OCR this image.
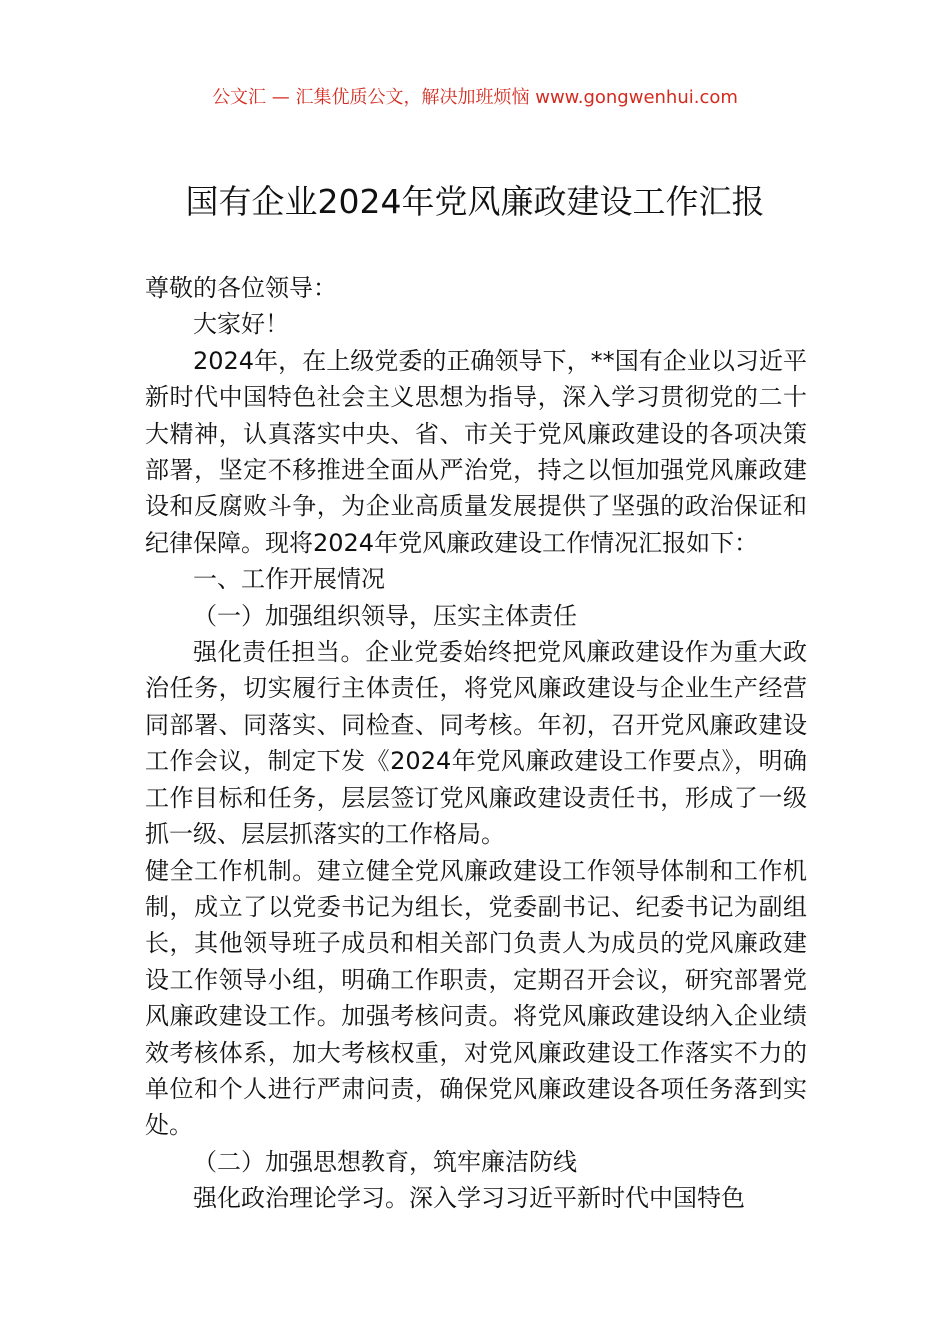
公文汇 — 汇集优质公文，解决加班烦恼 www.gongwenhui.com
国有企业2024年党风廉政建设工作汇报

尊敬的各位领导：

大家好！

2024年，在上级党委的正确领导下，**国有企业以习近平新时代中国特色社会主义思想为指导，深入学习贯彻党的二十大精神，认真落实中央、省、市关于党风廉政建设的各项决策部署，坚定不移推进全面从严治党，持之以恒加强党风廉政建设和反腐败斗争，为企业高质量发展提供了坚强的政治保证和纪律保障。现将2024年党风廉政建设工作情况汇报如下：

一、工作开展情况

（一）加强组织领导，压实主体责任

强化责任担当。企业党委始终把党风廉政建设作为重大政治任务，切实履行主体责任，将党风廉政建设与企业生产经营同部署、同落实、同检查、同考核。年初，召开党风廉政建设工作会议，制定下发《2024年党风廉政建设工作要点》，明确工作目标和任务，层层签订党风廉政建设责任书，形成了一级抓一级、层层抓落实的工作格局。

健全工作机制。建立健全党风廉政建设工作领导体制和工作机制，成立了以党委书记为组长，党委副书记、纪委书记为副组长，其他领导班子成员和相关部门负责人为成员的党风廉政建设工作领导小组，明确工作职责，定期召开会议，研究部署党风廉政建设工作。加强考核问责。将党风廉政建设纳入企业绩效考核体系，加大考核权重，对党风廉政建设工作落实不力的单位和个人进行严肃问责，确保党风廉政建设各项任务落到实处。

（二）加强思想教育，筑牢廉洁防线

强化政治理论学习。深入学习习近平新时代中国特色
